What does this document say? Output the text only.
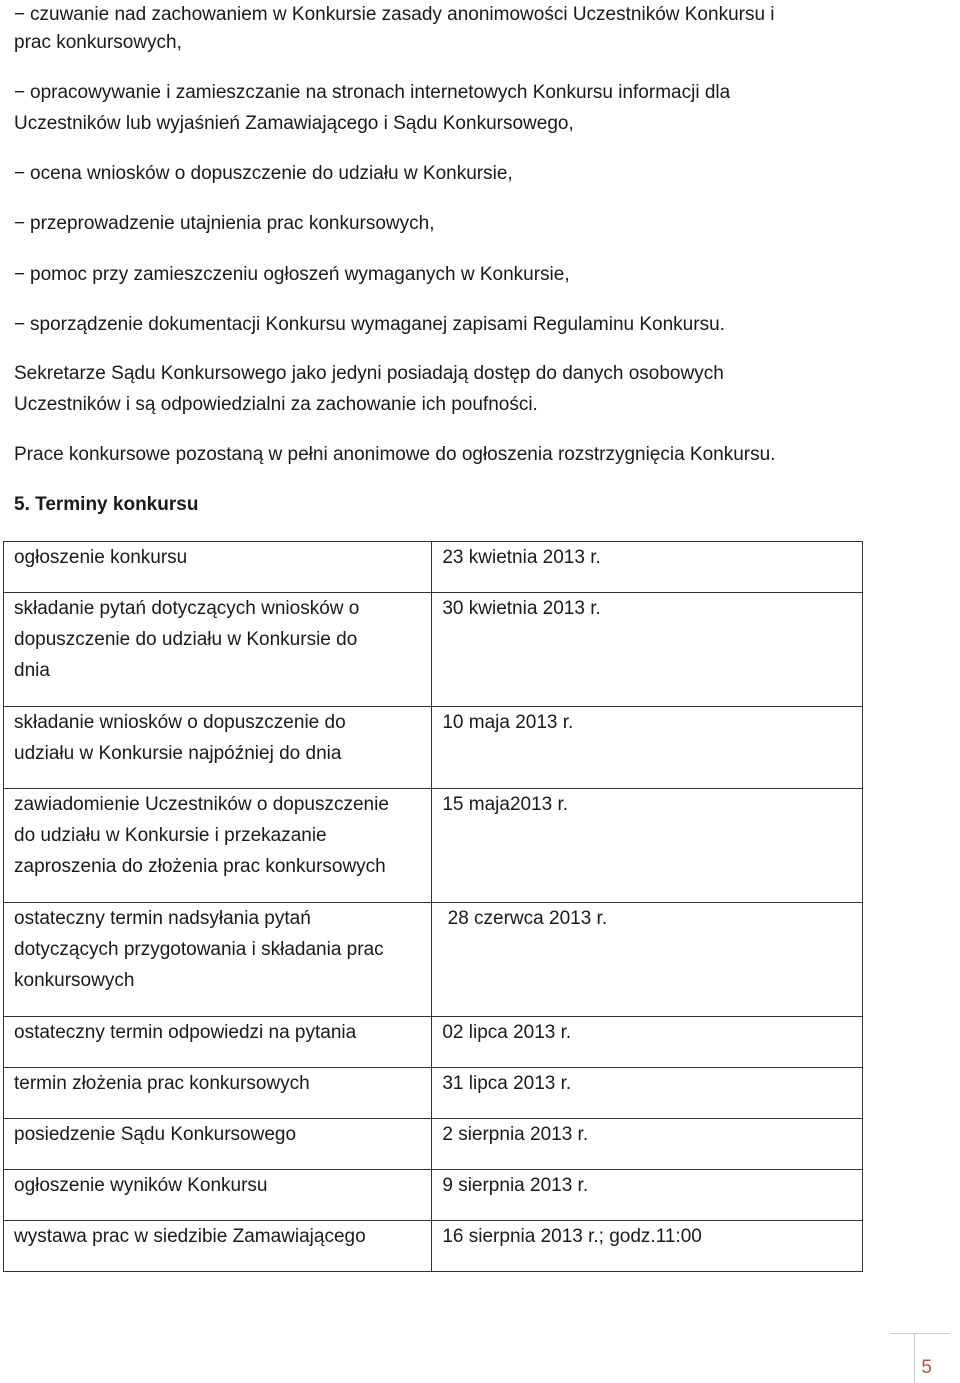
− czuwanie nad zachowaniem w Konkursie zasady anonimowości Uczestników Konkursu i
prac konkursowych,
− opracowywanie i zamieszczanie na stronach internetowych Konkursu informacji dla
Uczestników lub wyjaśnień Zamawiającego i Sądu Konkursowego,
− ocena wniosków o dopuszczenie do udziału w Konkursie,
− przeprowadzenie utajnienia prac konkursowych,
− pomoc przy zamieszczeniu ogłoszeń wymaganych w Konkursie,
− sporządzenie dokumentacji Konkursu wymaganej zapisami Regulaminu Konkursu.
Sekretarze Sądu Konkursowego jako jedyni posiadają dostęp do danych osobowych
Uczestników i są odpowiedzialni za zachowanie ich poufności.
Prace konkursowe pozostaną w pełni anonimowe do ogłoszenia rozstrzygnięcia Konkursu.
5. Terminy konkursu
ogłoszenie konkursu	23 kwietnia 2013 r.

składanie pytań dotyczących wniosków o
dopuszczenie do udziału w Konkursie do
dnia	30 kwietnia 2013 r.

składanie wniosków o dopuszczenie do
udziału w Konkursie najpóźniej do dnia	10 maja 2013 r.

zawiadomienie Uczestników o dopuszczenie
do udziału w Konkursie i przekazanie
zaproszenia do złożenia prac konkursowych	15 maja2013 r.

ostateczny termin nadsyłania pytań
dotyczących przygotowania i składania prac
konkursowych	28 czerwca 2013 r.

ostateczny termin odpowiedzi na pytania	02 lipca 2013 r.

termin złożenia prac konkursowych	31 lipca 2013 r.

posiedzenie Sądu Konkursowego	2 sierpnia 2013 r.

ogłoszenie wyników Konkursu	9 sierpnia 2013 r.

wystawa prac w siedzibie Zamawiającego	16 sierpnia 2013 r.; godz.11:00
5
